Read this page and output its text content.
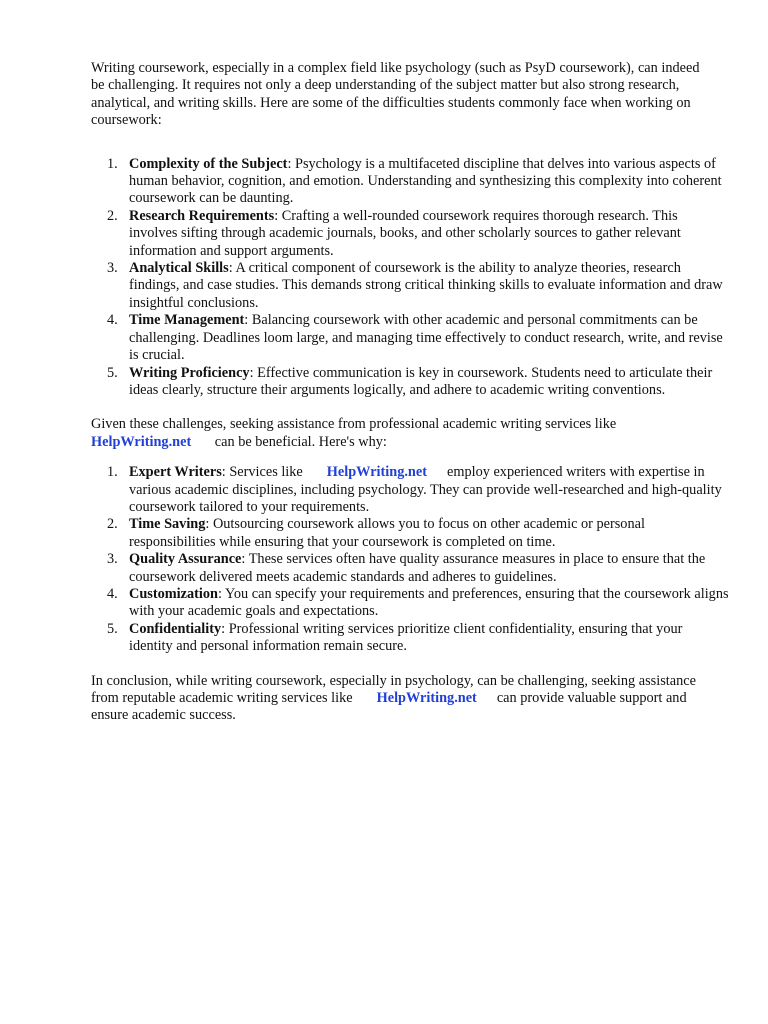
Writing coursework, especially in a complex field like psychology (such as PsyD coursework), can indeed be challenging. It requires not only a deep understanding of the subject matter but also strong research, analytical, and writing skills. Here are some of the difficulties students commonly face when working on coursework:

1. Complexity of the Subject: Psychology is a multifaceted discipline that delves into various aspects of human behavior, cognition, and emotion. Understanding and synthesizing this complexity into coherent coursework can be daunting.
2. Research Requirements: Crafting a well-rounded coursework requires thorough research. This involves sifting through academic journals, books, and other scholarly sources to gather relevant information and support arguments.
3. Analytical Skills: A critical component of coursework is the ability to analyze theories, research findings, and case studies. This demands strong critical thinking skills to evaluate information and draw insightful conclusions.
4. Time Management: Balancing coursework with other academic and personal commitments can be challenging. Deadlines loom large, and managing time effectively to conduct research, write, and revise is crucial.
5. Writing Proficiency: Effective communication is key in coursework. Students need to articulate their ideas clearly, structure their arguments logically, and adhere to academic writing conventions.

Given these challenges, seeking assistance from professional academic writing services like
HelpWriting.net can be beneficial. Here's why:

1. Expert Writers: Services like HelpWriting.net employ experienced writers with expertise in various academic disciplines, including psychology. They can provide well-researched and high-quality coursework tailored to your requirements.
2. Time Saving: Outsourcing coursework allows you to focus on other academic or personal responsibilities while ensuring that your coursework is completed on time.
3. Quality Assurance: These services often have quality assurance measures in place to ensure that the coursework delivered meets academic standards and adheres to guidelines.
4. Customization: You can specify your requirements and preferences, ensuring that the coursework aligns with your academic goals and expectations.
5. Confidentiality: Professional writing services prioritize client confidentiality, ensuring that your identity and personal information remain secure.

In conclusion, while writing coursework, especially in psychology, can be challenging, seeking assistance from reputable academic writing services like HelpWriting.net can provide valuable support and ensure academic success.
